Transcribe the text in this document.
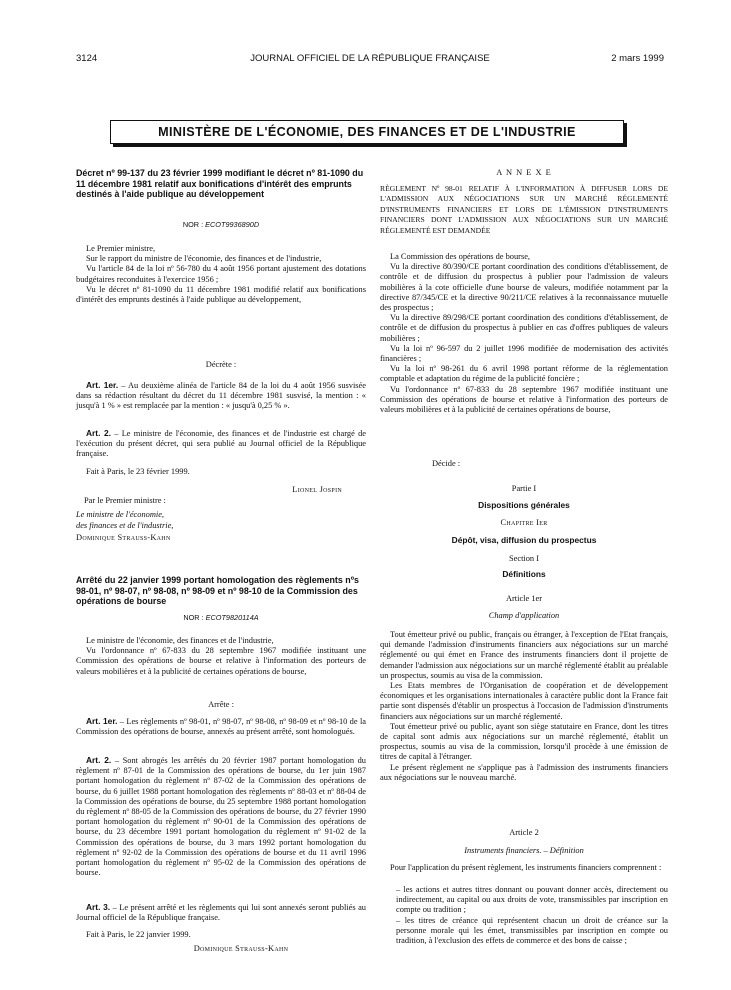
3124	JOURNAL OFFICIEL DE LA RÉPUBLIQUE FRANÇAISE	2 mars 1999
MINISTÈRE DE L'ÉCONOMIE, DES FINANCES ET DE L'INDUSTRIE
Décret nº 99-137 du 23 février 1999 modifiant le décret nº 81-1090 du 11 décembre 1981 relatif aux bonifications d'intérêt des emprunts destinés à l'aide publique au développement
NOR : ECOT9936890D

Le Premier ministre,

Sur le rapport du ministre de l'économie, des finances et de l'industrie,

Vu l'article 84 de la loi nº 56-780 du 4 août 1956 portant ajustement des dotations budgétaires reconduites à l'exercice 1956 ;

Vu le décret nº 81-1090 du 11 décembre 1981 modifié relatif aux bonifications d'intérêt des emprunts destinés à l'aide publique au développement,

Décrète :

Art. 1er. – Au deuxième alinéa de l'article 84 de la loi du 4 août 1956 susvisée dans sa rédaction résultant du décret du 11 décembre 1981 susvisé, la mention : « jusqu'à 1 % » est remplacée par la mention : « jusqu'à 0,25 % ».

Art. 2. – Le ministre de l'économie, des finances et de l'industrie est chargé de l'exécution du présent décret, qui sera publié au Journal officiel de la République française.

Fait à Paris, le 23 février 1999.

Lionel Jospin
Par le Premier ministre :
Le ministre de l'économie,
des finances et de l'industrie,
Dominique Strauss-Kahn
Arrêté du 22 janvier 1999 portant homologation des règlements nºs 98-01, nº 98-07, nº 98-08, nº 98-09 et nº 98-10 de la Commission des opérations de bourse
NOR : ECOT9820114A

Le ministre de l'économie, des finances et de l'industrie,

Vu l'ordonnance nº 67-833 du 28 septembre 1967 modifiée instituant une Commission des opérations de bourse et relative à l'information des porteurs de valeurs mobilières et à la publicité de certaines opérations de bourse,

Arrête :

Art. 1er. – Les règlements nº 98-01, nº 98-07, nº 98-08, nº 98-09 et nº 98-10 de la Commission des opérations de bourse, annexés au présent arrêté, sont homologués.

Art. 2. – Sont abrogés les arrêtés du 20 février 1987 portant homologation du règlement nº 87-01 de la Commission des opérations de bourse, du 1er juin 1987 portant homologation du règlement nº 87-02 de la Commission des opérations de bourse, du 6 juillet 1988 portant homologation des règlements nº 88-03 et nº 88-04 de la Commission des opérations de bourse, du 25 septembre 1988 portant homologation du règlement nº 88-05 de la Commission des opérations de bourse, du 27 février 1990 portant homologation du règlement nº 90-01 de la Commission des opérations de bourse, du 23 décembre 1991 portant homologation du règlement nº 91-02 de la Commission des opérations de bourse, du 3 mars 1992 portant homologation du règlement nº 92-02 de la Commission des opérations de bourse et du 11 avril 1996 portant homologation du règlement nº 95-02 de la Commission des opérations de bourse.

Art. 3. – Le présent arrêté et les règlements qui lui sont annexés seront publiés au Journal officiel de la République française.

Fait à Paris, le 22 janvier 1999.

Dominique Strauss-Kahn
A N N E X E
RÈGLEMENT Nº 98-01 RELATIF À L'INFORMATION À DIFFUSER LORS DE L'ADMISSION AUX NÉGOCIATIONS SUR UN MARCHÉ RÉGLEMENTÉ D'INSTRUMENTS FINANCIERS ET LORS DE L'ÉMISSION D'INSTRUMENTS FINANCIERS DONT L'ADMISSION AUX NÉGOCIATIONS SUR UN MARCHÉ RÉGLEMENTÉ EST DEMANDÉE

La Commission des opérations de bourse,

Vu la directive 80/390/CE portant coordination des conditions d'établissement, de contrôle et de diffusion du prospectus à publier pour l'admission de valeurs mobilières à la cote officielle d'une bourse de valeurs, modifiée notamment par la directive 87/345/CE et la directive 90/211/CE relatives à la reconnaissance mutuelle des prospectus ;

Vu la directive 89/298/CE portant coordination des conditions d'établissement, de contrôle et de diffusion du prospectus à publier en cas d'offres publiques de valeurs mobilières ;

Vu la loi nº 96-597 du 2 juillet 1996 modifiée de modernisation des activités financières ;

Vu la loi nº 98-261 du 6 avril 1998 portant réforme de la réglementation comptable et adaptation du régime de la publicité foncière ;

Vu l'ordonnance nº 67-833 du 28 septembre 1967 modifiée instituant une Commission des opérations de bourse et relative à l'information des porteurs de valeurs mobilières et à la publicité de certaines opérations de bourse,

Décide :
Partie I
Dispositions générales
Chapitre Ier
Dépôt, visa, diffusion du prospectus
Section I
Définitions
Article 1er
Champ d'application

Tout émetteur privé ou public, français ou étranger, à l'exception de l'Etat français, qui demande l'admission d'instruments financiers aux négociations sur un marché réglementé ou qui émet en France des instruments financiers dont il projette de demander l'admission aux négociations sur un marché réglementé établit au préalable un prospectus, soumis au visa de la commission.

Les Etats membres de l'Organisation de coopération et de développement économiques et les organisations internationales à caractère public dont la France fait partie sont dispensés d'établir un prospectus à l'occasion de l'admission d'instruments financiers aux négociations sur un marché réglementé.

Tout émetteur privé ou public, ayant son siège statutaire en France, dont les titres de capital sont admis aux négociations sur un marché réglementé, établit un prospectus, soumis au visa de la commission, lorsqu'il procède à une émission de titres de capital à l'étranger.

Le présent règlement ne s'applique pas à l'admission des instruments financiers aux négociations sur le nouveau marché.

Article 2
Instruments financiers. – Définition

Pour l'application du présent règlement, les instruments financiers comprennent :

– les actions et autres titres donnant ou pouvant donner accès, directement ou indirectement, au capital ou aux droits de vote, transmissibles par inscription en compte ou tradition ;

– les titres de créance qui représentent chacun un droit de créance sur la personne morale qui les émet, transmissibles par inscription en compte ou tradition, à l'exclusion des effets de commerce et des bons de caisse ;
